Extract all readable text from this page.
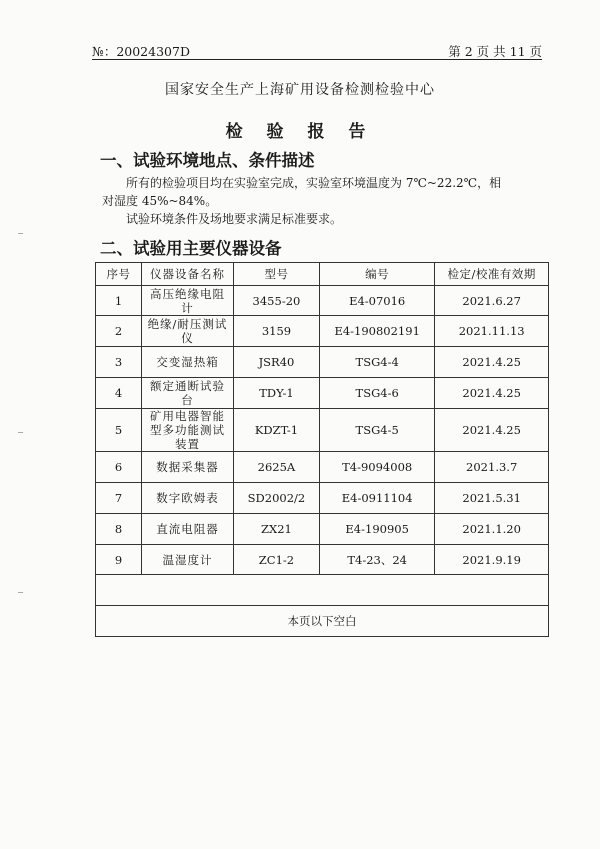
№：20024307D	第 2 页 共 11 页
国家安全生产上海矿用设备检测检验中心
检 验 报 告
一、试验环境地点、条件描述
所有的检验项目均在实验室完成，实验室环境温度为 7℃~22.2℃，相对湿度 45%~84%。
试验环境条件及场地要求满足标准要求。
二、试验用主要仪器设备
序号	仪器设备名称	型号	编号	检定/校准有效期
1	高压绝缘电阻计	3455-20	E4-07016	2021.6.27
2	绝缘/耐压测试仪	3159	E4-190802191	2021.11.13
3	交变湿热箱	JSR40	TSG4-4	2021.4.25
4	额定通断试验台	TDY-1	TSG4-6	2021.4.25
5	矿用电器智能型多功能测试装置	KDZT-1	TSG4-5	2021.4.25
6	数据采集器	2625A	T4-9094008	2021.3.7
7	数字欧姆表	SD2002/2	E4-0911104	2021.5.31
8	直流电阻器	ZX21	E4-190905	2021.1.20
9	温湿度计	ZC1-2	T4-23、24	2021.9.19

本页以下空白				
